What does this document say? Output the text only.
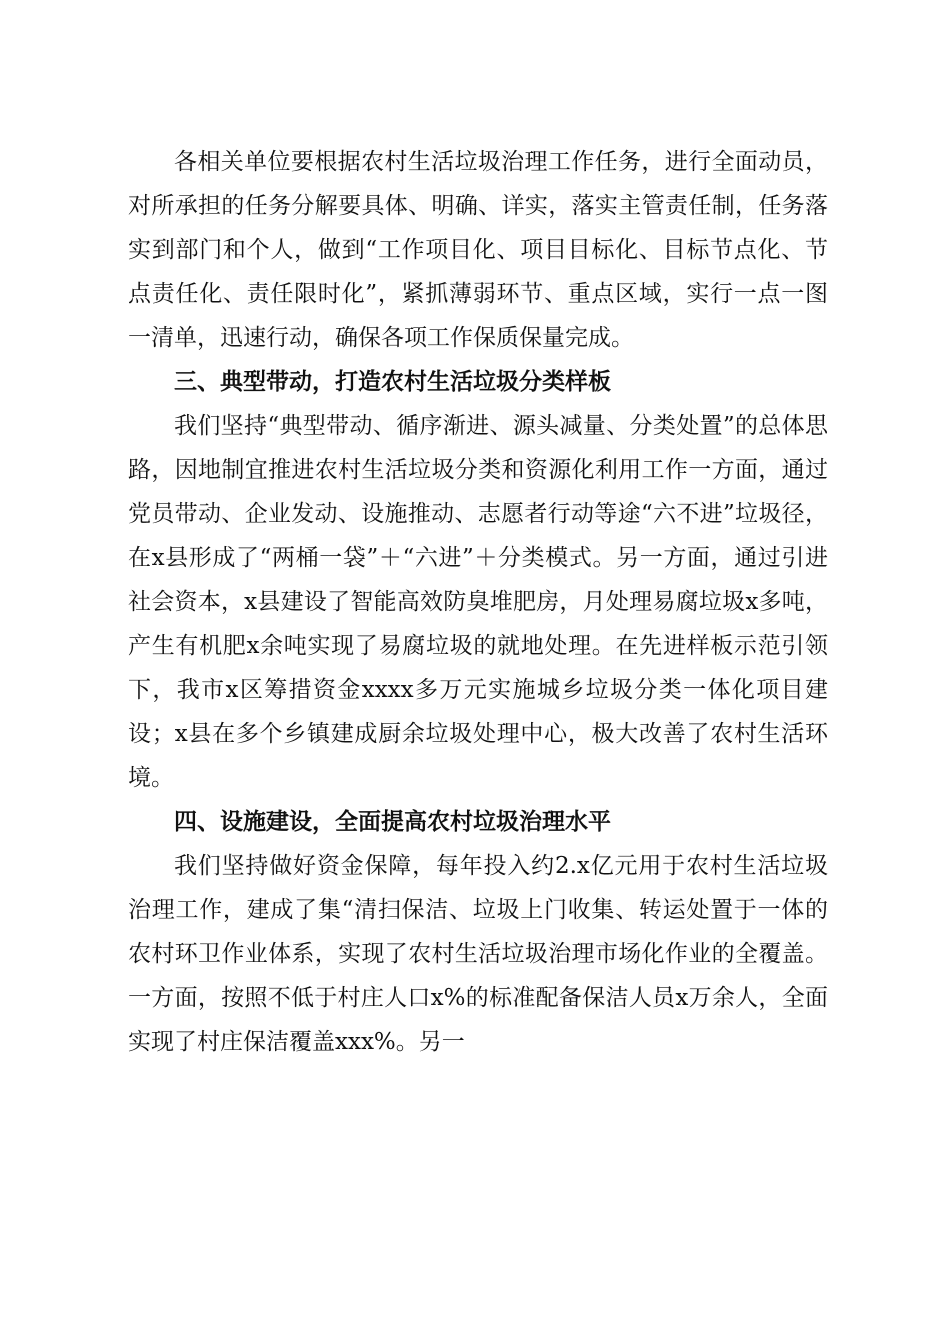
各相关单位要根据农村生活垃圾治理工作任务，进行全面动员，对所承担的任务分解要具体、明确、详实，落实主管责任制，任务落实到部门和个人，做到“工作项目化、项目目标化、目标节点化、节点责任化、责任限时化”，紧抓薄弱环节、重点区域，实行一点一图一清单，迅速行动，确保各项工作保质保量完成。

三、典型带动，打造农村生活垃圾分类样板

我们坚持“典型带动、循序渐进、源头减量、分类处置”的总体思路，因地制宜推进农村生活垃圾分类和资源化利用工作一方面，通过党员带动、企业发动、设施推动、志愿者行动等途“六不进”垃圾径，在x县形成了“两桶一袋”＋“六进”＋分类模式。另一方面，通过引进社会资本，x县建设了智能高效防臭堆肥房，月处理易腐垃圾x多吨，产生有机肥x余吨实现了易腐垃圾的就地处理。在先进样板示范引领下，我市x区筹措资金xxxx多万元实施城乡垃圾分类一体化项目建设；x县在多个乡镇建成厨余垃圾处理中心，极大改善了农村生活环境。

四、设施建设，全面提高农村垃圾治理水平

我们坚持做好资金保障，每年投入约2.x亿元用于农村生活垃圾治理工作，建成了集“清扫保洁、垃圾上门收集、转运处置于一体的农村环卫作业体系，实现了农村生活垃圾治理市场化作业的全覆盖。一方面，按照不低于村庄人口x%的标准配备保洁人员x万余人，全面实现了村庄保洁覆盖xxx%。另一
